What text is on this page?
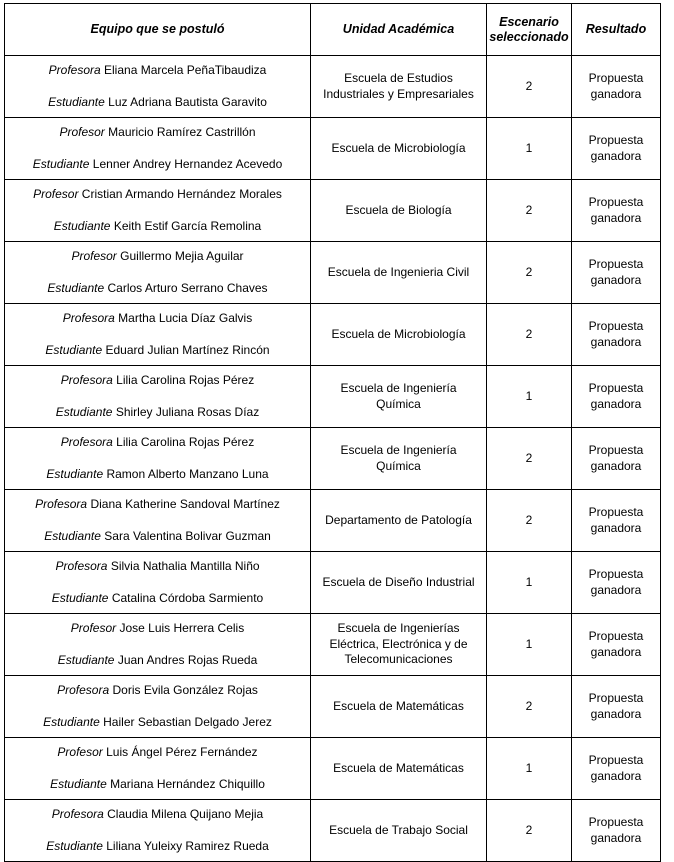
Equipo que se postuló	Unidad Académica	Escenario seleccionado	Resultado

Profesora Eliana Marcela PeñaTibaudiza
Estudiante Luz Adriana Bautista Garavito	Escuela de Estudios Industriales y Empresariales	2	Propuesta ganadora

Profesor Mauricio Ramírez Castrillón
Estudiante Lenner Andrey Hernandez Acevedo	Escuela de Microbiología	1	Propuesta ganadora

Profesor Cristian Armando Hernández Morales
Estudiante Keith Estif García Remolina	Escuela de Biología	2	Propuesta ganadora

Profesor Guillermo Mejia Aguilar
Estudiante Carlos Arturo Serrano Chaves	Escuela de Ingenieria Civil	2	Propuesta ganadora

Profesora Martha Lucia Díaz Galvis
Estudiante Eduard Julian Martínez Rincón	Escuela de Microbiología	2	Propuesta ganadora

Profesora Lilia Carolina Rojas Pérez
Estudiante Shirley Juliana Rosas Díaz	Escuela de Ingeniería Química	1	Propuesta ganadora

Profesora Lilia Carolina Rojas Pérez
Estudiante Ramon Alberto Manzano Luna	Escuela de Ingeniería Química	2	Propuesta ganadora

Profesora Diana Katherine Sandoval Martínez
Estudiante Sara Valentina Bolivar Guzman	Departamento de Patología	2	Propuesta ganadora

Profesora Silvia Nathalia Mantilla Niño
Estudiante Catalina Córdoba Sarmiento	Escuela de Diseño Industrial	1	Propuesta ganadora

Profesor Jose Luis Herrera Celis
Estudiante Juan Andres Rojas Rueda	Escuela de Ingenierías Eléctrica, Electrónica y de Telecomunicaciones	1	Propuesta ganadora

Profesora Doris Evila González Rojas
Estudiante Hailer Sebastian Delgado Jerez	Escuela de Matemáticas	2	Propuesta ganadora

Profesor Luis Ángel Pérez Fernández
Estudiante Mariana Hernández Chiquillo	Escuela de Matemáticas	1	Propuesta ganadora

Profesora Claudia Milena Quijano Mejia
Estudiante Liliana Yuleixy Ramirez Rueda	Escuela de Trabajo Social	2	Propuesta ganadora
